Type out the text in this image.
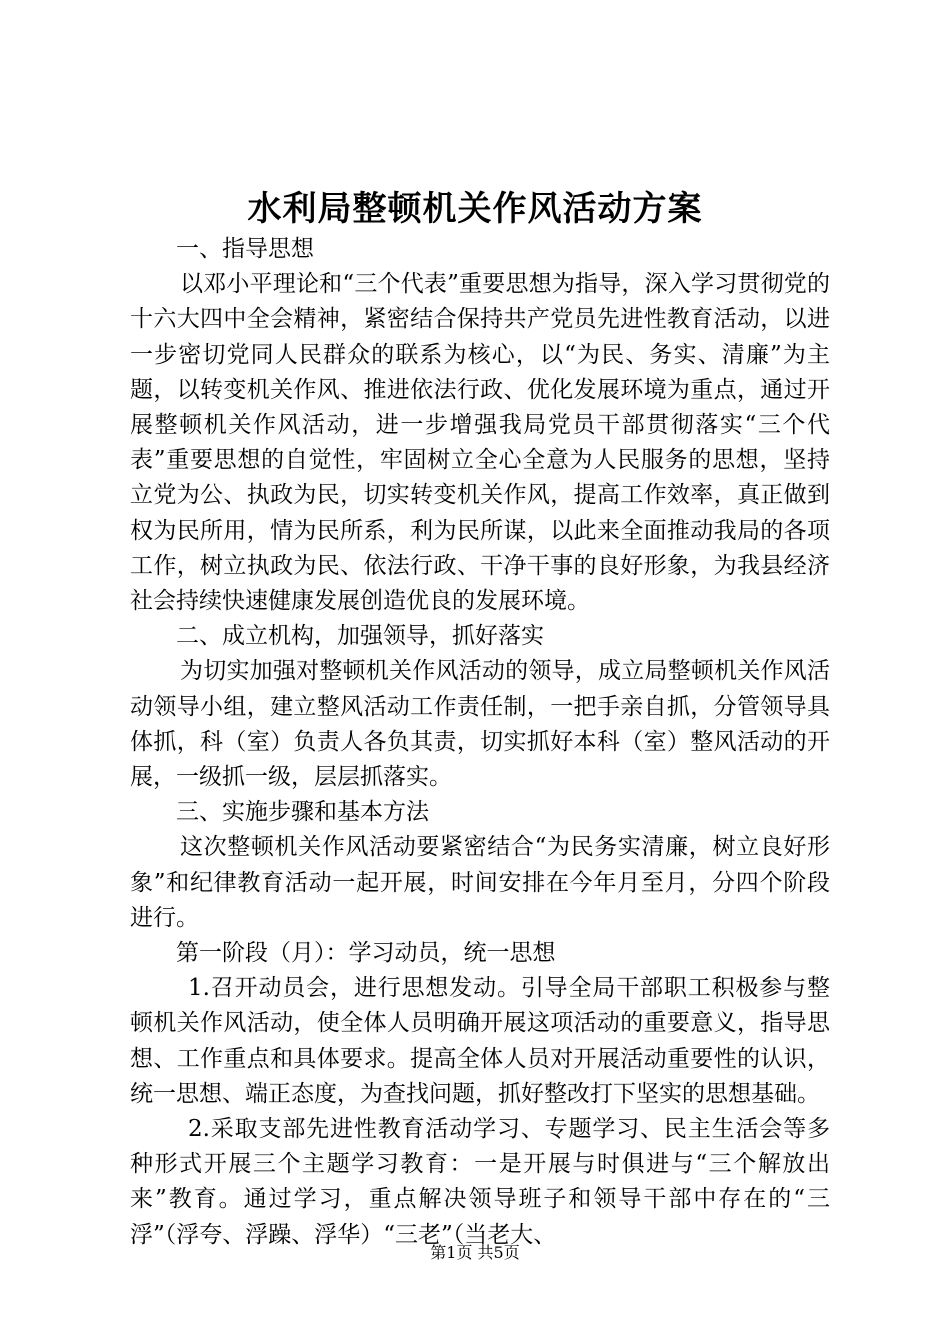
水利局整顿机关作风活动方案

一、指导思想

以邓小平理论和“三个代表”重要思想为指导，深入学习贯彻党的十六大四中全会精神，紧密结合保持共产党员先进性教育活动，以进一步密切党同人民群众的联系为核心，以“为民、务实、清廉”为主题，以转变机关作风、推进依法行政、优化发展环境为重点，通过开展整顿机关作风活动，进一步增强我局党员干部贯彻落实“三个代表”重要思想的自觉性，牢固树立全心全意为人民服务的思想，坚持立党为公、执政为民，切实转变机关作风，提高工作效率，真正做到权为民所用，情为民所系，利为民所谋，以此来全面推动我局的各项工作，树立执政为民、依法行政、干净干事的良好形象，为我县经济社会持续快速健康发展创造优良的发展环境。

二、成立机构，加强领导，抓好落实

为切实加强对整顿机关作风活动的领导，成立局整顿机关作风活动领导小组，建立整风活动工作责任制，一把手亲自抓，分管领导具体抓，科（室）负责人各负其责，切实抓好本科（室）整风活动的开展，一级抓一级，层层抓落实。

三、实施步骤和基本方法

这次整顿机关作风活动要紧密结合“为民务实清廉，树立良好形象”和纪律教育活动一起开展，时间安排在今年月至月，分四个阶段进行。

第一阶段（月）：学习动员，统一思想

1.召开动员会，进行思想发动。引导全局干部职工积极参与整顿机关作风活动，使全体人员明确开展这项活动的重要意义，指导思想、工作重点和具体要求。提高全体人员对开展活动重要性的认识，统一思想、端正态度，为查找问题，抓好整改打下坚实的思想基础。

2.采取支部先进性教育活动学习、专题学习、民主生活会等多种形式开展三个主题学习教育：一是开展与时俱进与“三个解放出来”教育。通过学习，重点解决领导班子和领导干部中存在的“三浮”（浮夸、浮躁、浮华）“三老”（当老大、

第1页 共5页
